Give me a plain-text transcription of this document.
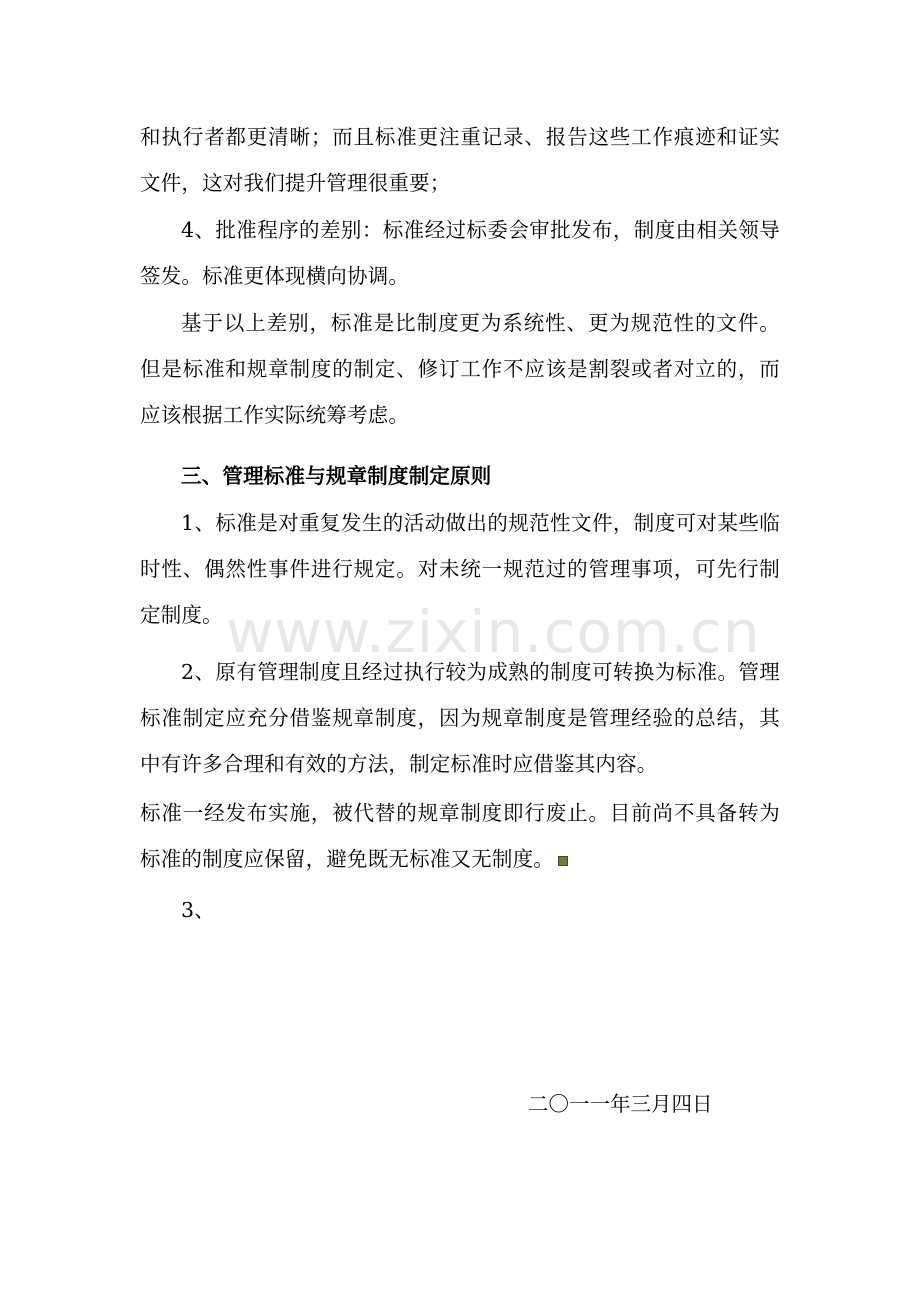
和执行者都更清晰；而且标准更注重记录、报告这些工作痕迹和证实文件，这对我们提升管理很重要；

4、批准程序的差别：标准经过标委会审批发布，制度由相关领导签发。标准更体现横向协调。

基于以上差别，标准是比制度更为系统性、更为规范性的文件。但是标准和规章制度的制定、修订工作不应该是割裂或者对立的，而应该根据工作实际统筹考虑。

三、管理标准与规章制度制定原则

1、标准是对重复发生的活动做出的规范性文件，制度可对某些临时性、偶然性事件进行规定。对未统一规范过的管理事项，可先行制定制度。

2、原有管理制度且经过执行较为成熟的制度可转换为标准。管理标准制定应充分借鉴规章制度，因为规章制度是管理经验的总结，其中有许多合理和有效的方法，制定标准时应借鉴其内容。

标准一经发布实施，被代替的规章制度即行废止。目前尚不具备转为标准的制度应保留，避免既无标准又无制度。

3、

二〇一一年三月四日

www.zixin.com.cn
